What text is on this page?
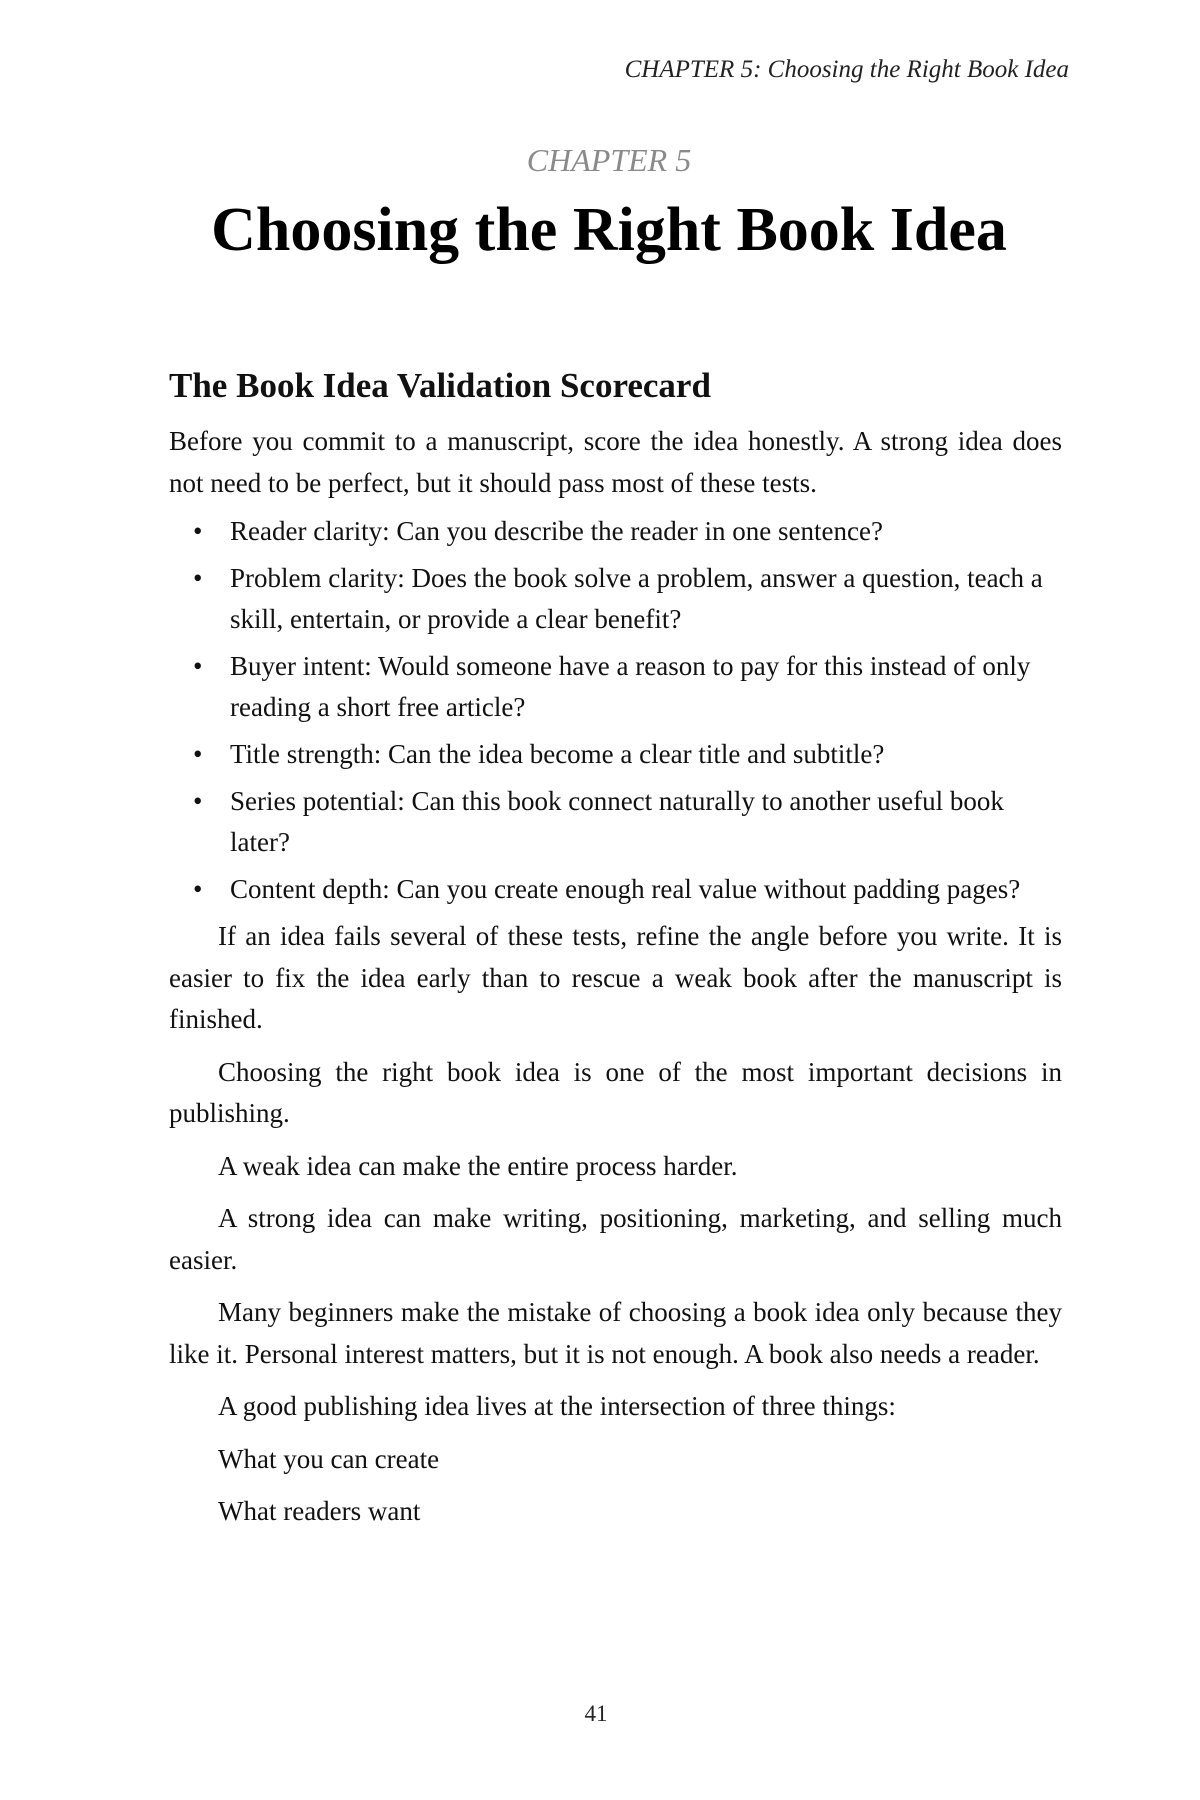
CHAPTER 5: Choosing the Right Book Idea
CHAPTER 5
Choosing the Right Book Idea
The Book Idea Validation Scorecard

Before you commit to a manuscript, score the idea honestly. A strong idea does not need to be perfect, but it should pass most of these tests.

• Reader clarity: Can you describe the reader in one sentence?
• Problem clarity: Does the book solve a problem, answer a question, teach a skill, entertain, or provide a clear benefit?
• Buyer intent: Would someone have a reason to pay for this instead of only reading a short free article?
• Title strength: Can the idea become a clear title and subtitle?
• Series potential: Can this book connect naturally to another useful book later?
• Content depth: Can you create enough real value without padding pages?

If an idea fails several of these tests, refine the angle before you write. It is easier to fix the idea early than to rescue a weak book after the manuscript is finished.

Choosing the right book idea is one of the most important decisions in publishing.

A weak idea can make the entire process harder.

A strong idea can make writing, positioning, marketing, and selling much easier.

Many beginners make the mistake of choosing a book idea only because they like it. Personal interest matters, but it is not enough. A book also needs a reader.

A good publishing idea lives at the intersection of three things:

What you can create

What readers want

41
